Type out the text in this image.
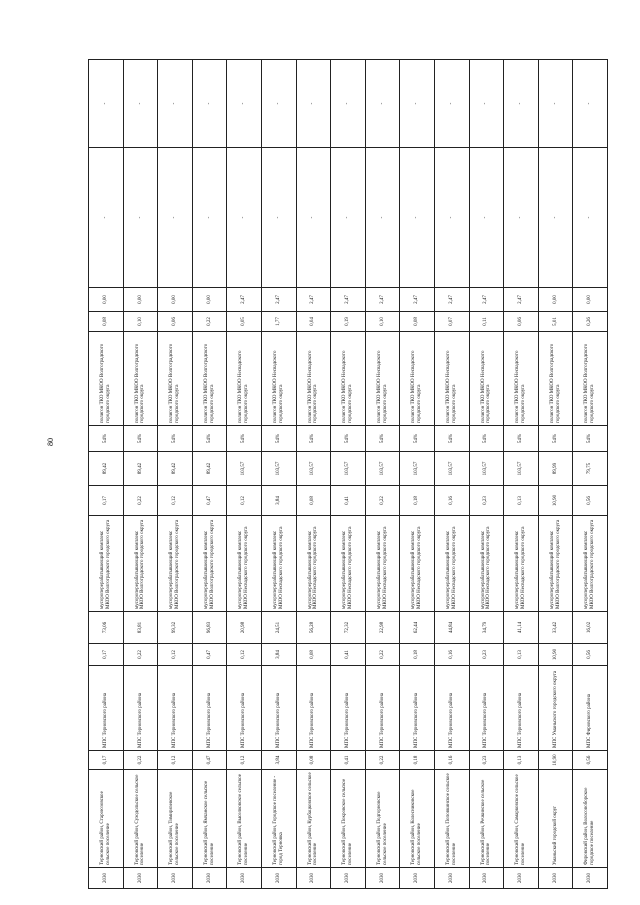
80
2030	Терновский район, Староюзовское сельское поселение	0,17	МПС Терновского района	0,17	73,06	мусороперерабатывающий комплекс МКОО Волгоградского городского округа	0,17	89,42	54%	полигон ТКО МКОО Волгоградского городского округа	0,08	0,00	-	-
2030	Терновский район, Суходольское сельское поселение	0,22	МПС Терновского района	0,22	83,81	мусороперерабатывающий комплекс МКОО Волгоградского городского округа	0,22	89,42	54%	полигон ТКО МКОО Волгоградского городского округа	0,10	0,00	-	-
2030	Терновский район, Тимирязевское сельское поселение	0,12	МПС Терновского района	0,12	99,32	мусороперерабатывающий комплекс МКОО Волгоградского городского округа	0,12	89,42	54%	полигон ТКО МКОО Волгоградского городского округа	0,06	0,00	-	-
2030	Терновский район, Ямчанское сельское поселение	0,47	МПС Терновского района	0,47	96,83	мусороперерабатывающий комплекс МКОО Волгоградского городского округа	0,47	89,42	54%	полигон ТКО МКОО Волгоградского городского округа	0,22	0,00	-	-
2030	Терновский район, Выселковское сельское поселение	0,12	МПС Терновского района	0,12	20,98	мусороперерабатывающий комплекс МКОО Несвадского городского округа	0,12	103,57	54%	полигон ТКО МКОО Несвадского городского округа	0,05	2,47	-	-
2030	Терновский район, Городское поселение - город Терновка	3,84	МПС Терновского района	3,84	24,51	мусороперерабатывающий комплекс МКОО Несвадского городского округа	3,84	103,57	54%	полигон ТКО МКОО Несвадского городского округа	1,77	2,47	-	-
2030	Терновский район, Курбацковское сельское поселение	0,08	МПС Терновского района	0,08	56,28	мусороперерабатывающий комплекс МКОО Несвадского городского округа	0,08	103,57	54%	полигон ТКО МКОО Несвадского городского округа	0,04	2,47	-	-
2030	Терновский район, Покровское сельское поселение	0,41	МПС Терновского района	0,41	72,32	мусороперерабатывающий комплекс МКОО Несвадского городского округа	0,41	103,57	54%	полигон ТКО МКОО Несвадского городского округа	0,19	2,47	-	-
2030	Терновский район, Подгорновское сельское поселение	0,22	МПС Терновского района	0,22	22,98	мусороперерабатывающий комплекс МКОО Несвадского городского округа	0,22	103,57	54%	полигон ТКО МКОО Несвадского городского округа	0,10	2,47	-	-
2030	Терновский район, Колесниковское сельское поселение	0,18	МПС Терновского района	0,18	62,44	мусороперерабатывающий комплекс МКОО Несвадского городского округа	0,18	103,57	54%	полигон ТКО МКОО Несвадского городского округа	0,08	2,47	-	-
2030	Терновский район, Поповкинское сельское поселение	0,16	МПС Терновского района	0,16	44,84	мусороперерабатывающий комплекс МКОО Несвадского городского округа	0,16	103,57	54%	полигон ТКО МКОО Несвадского городского округа	0,07	2,47	-	-
2030	Терновский район, Речкинское сельское поселение	0,23	МПС Терновского района	0,23	34,79	мусороперерабатывающий комплекс МКОО Несвадского городского округа	0,23	103,57	54%	полигон ТКО МКОО Несвадского городского округа	0,11	2,47	-	-
2030	Терновский район, Самарковское сельское поселение	0,13	МПС Терновского района	0,13	41,14	мусороперерабатывающий комплекс МКОО Несвадского городского округа	0,13	103,57	54%	полигон ТКО МКОО Несвадского городского округа	0,06	2,47	-	-
2030	Уманьский городской округ	10,90	МПС Уманьского городского округа	10,90	33,42	мусороперерабатывающий комплекс МКОО Волгоградского городского округа	10,90	89,99	54%	полигон ТКО МКОО Волгоградского городского округа	5,01	0,00	-	-
2030	Фировский район, Волосовоборское городское поселение	0,56	МПС Фировского района	0,56	16,02	мусороперерабатывающий комплекс МКОО Волгоградского городского округа	0,56	79,75	54%	полигон ТКО МКОО Волгоградского городского округа	0,26	0,00	-	-
